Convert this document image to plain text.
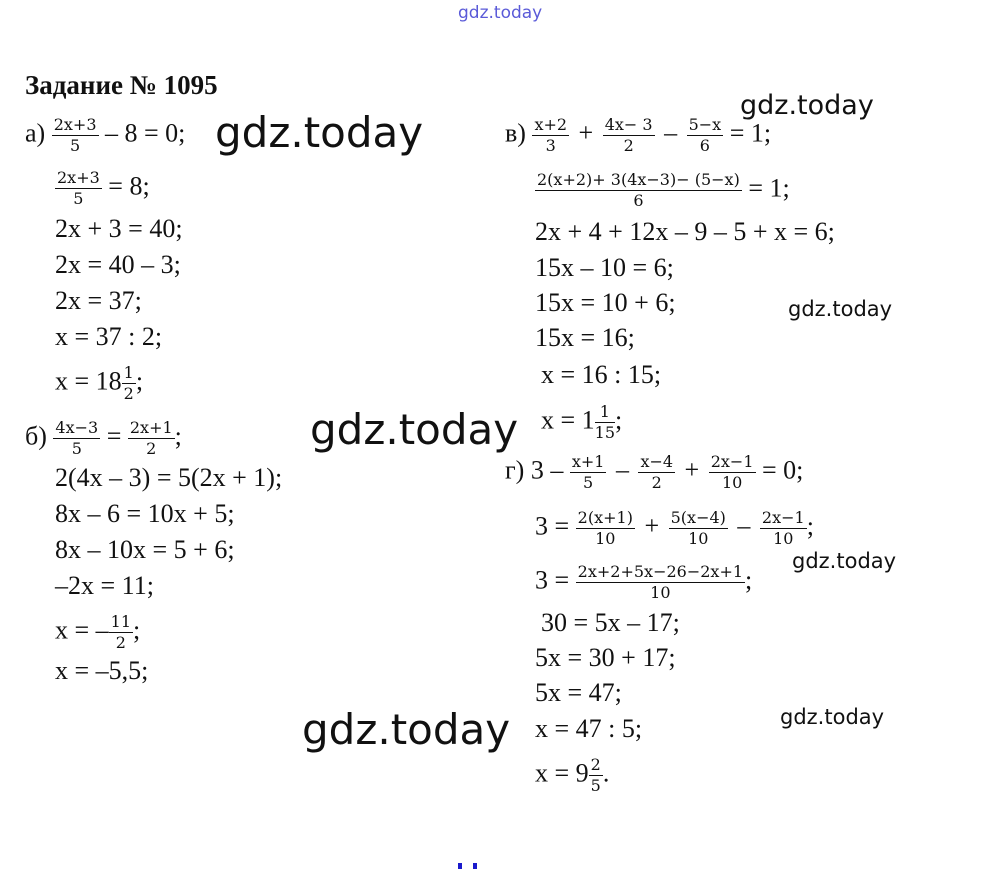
gdz.today
Задание № 1095
$а) \frac{2x+3}{5} - 8 = 0$;
$\frac{2x+3}{5} = 8$;
2x + 3 = 40;
2x = 40 – 3;
2x = 37;
x = 37 : 2;
$x = 18 \frac{1}{2}$ ;
$б) \frac{4x-3}{5} = \frac{2x+1}{2}$ ;
2(4x – 3) = 5(2x + 1);
8x – 6 = 10x + 5;
8x – 10x = 5 + 6;
–2x = 11;
x = – $\frac{11}{2}$ ;
x = –5,5;
$в) \frac{x+2}{3} + \frac{4x- 3}{2} - \frac{5-x}{6} = 1$;
$\frac{2(x+2)+ 3(4x-3)- (5-x)}{6} = 1$;
2x + 4 + 12x – 9 – 5 + x = 6;
15x – 10 = 6;
15x = 10 + 6;
15x = 16;
x = 16 : 15;
$x = 1 \frac{1}{15}$ ;
г) $3 - \frac{x+1}{5} - \frac{x-4}{2} + \frac{2x-1}{10} = 0$;
$3 = \frac{2(x+1)}{10} + \frac{5(x-4)}{10} - \frac{2x-1}{10}$ ;
$3 = \frac{2x+2+5x-26-2x+1}{10}$ ;
30 = 5x – 17;
5x = 30 + 17;
5x = 47;
x = 47 : 5;
$x = 9 \frac{2}{5}$ .
gdz.today
gdz.today
gdz.today
gdz.today
gdz.today
gdz.today	gdz.today
